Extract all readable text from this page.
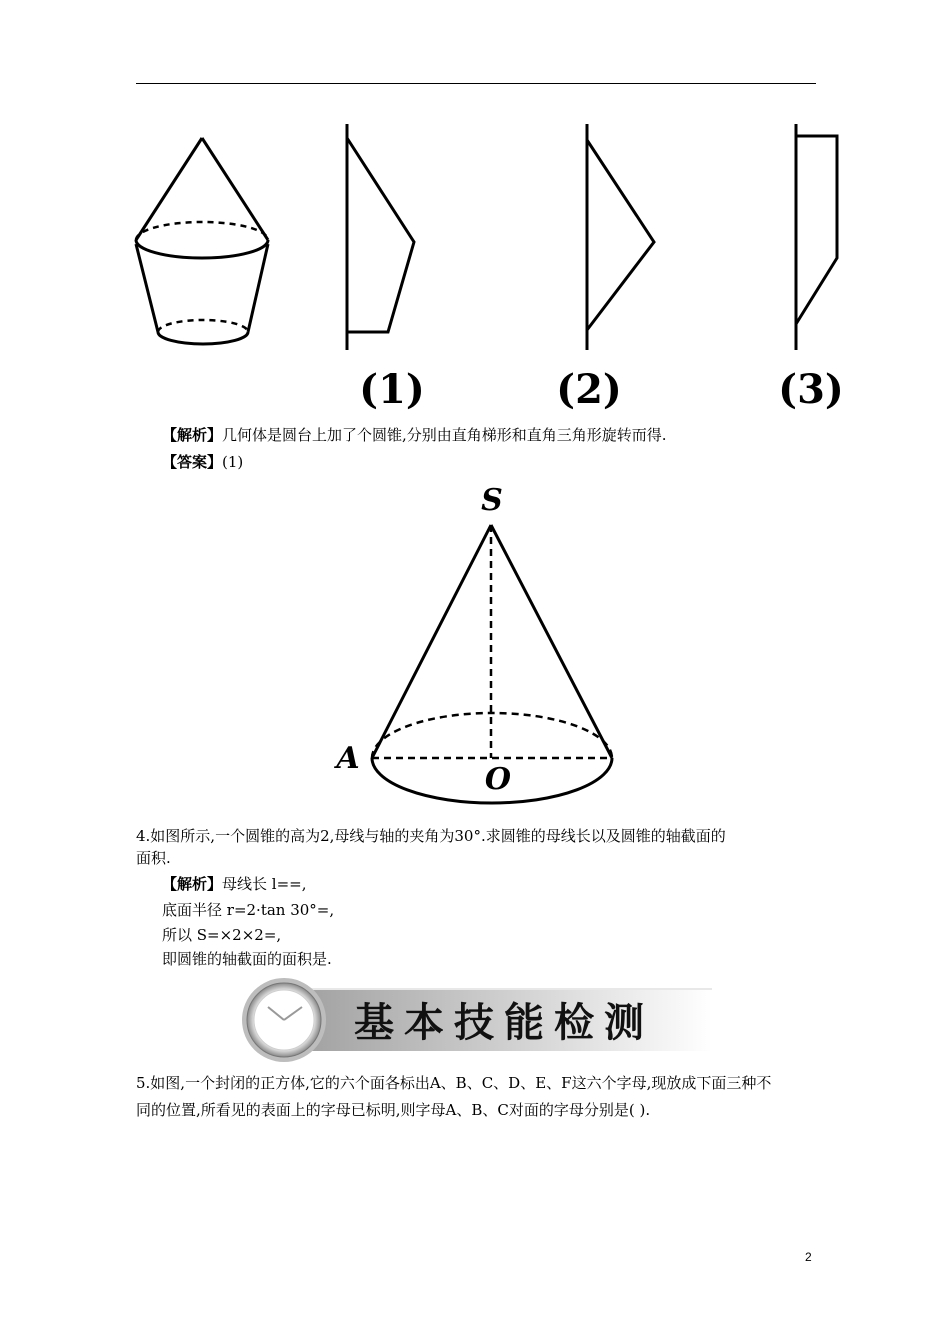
(1)	(2)	(3)
【解析】几何体是圆台上加了个圆锥,分别由直角梯形和直角三角形旋转而得.
【答案】(1)
S
A
O
4.如图所示,一个圆锥的高为2,母线与轴的夹角为30°.求圆锥的母线长以及圆锥的轴截面的
面积.
【解析】母线长 l==,
底面半径 r=2·tan 30°=,
所以 S=×2×2=,
即圆锥的轴截面的面积是.
基本技能检测
5.如图,一个封闭的正方体,它的六个面各标出A、B、C、D、E、F这六个字母,现放成下面三种不
同的位置,所看见的表面上的字母已标明,则字母A、B、C对面的字母分别是( ).
2
